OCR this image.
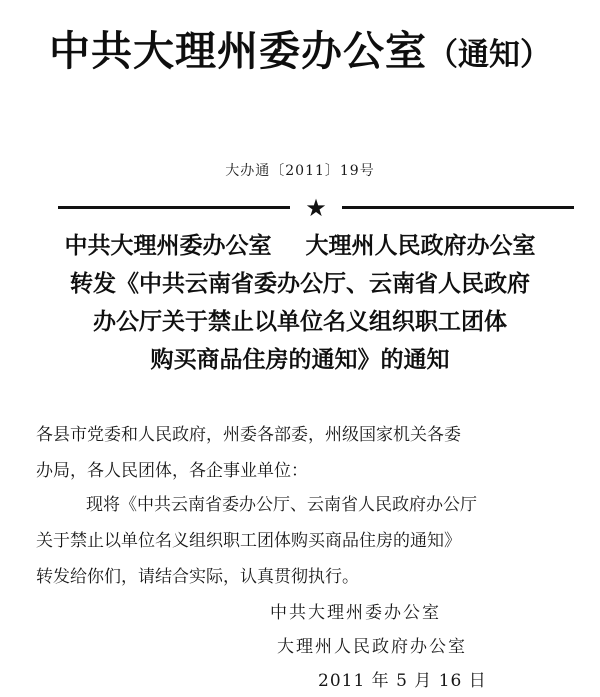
中共大理州委办公室（通知）
大办通〔2011〕19号
★
中共大理州委办公室 大理州人民政府办公室
转发《中共云南省委办公厅、云南省人民政府
办公厅关于禁止以单位名义组织职工团体
购买商品住房的通知》的通知
各县市党委和人民政府，州委各部委，州级国家机关各委
办局，各人民团体，各企事业单位：
现将《中共云南省委办公厅、云南省人民政府办公厅
关于禁止以单位名义组织职工团体购买商品住房的通知》
转发给你们，请结合实际，认真贯彻执行。
中共大理州委办公室
大理州人民政府办公室
2011 年 5 月 16 日
